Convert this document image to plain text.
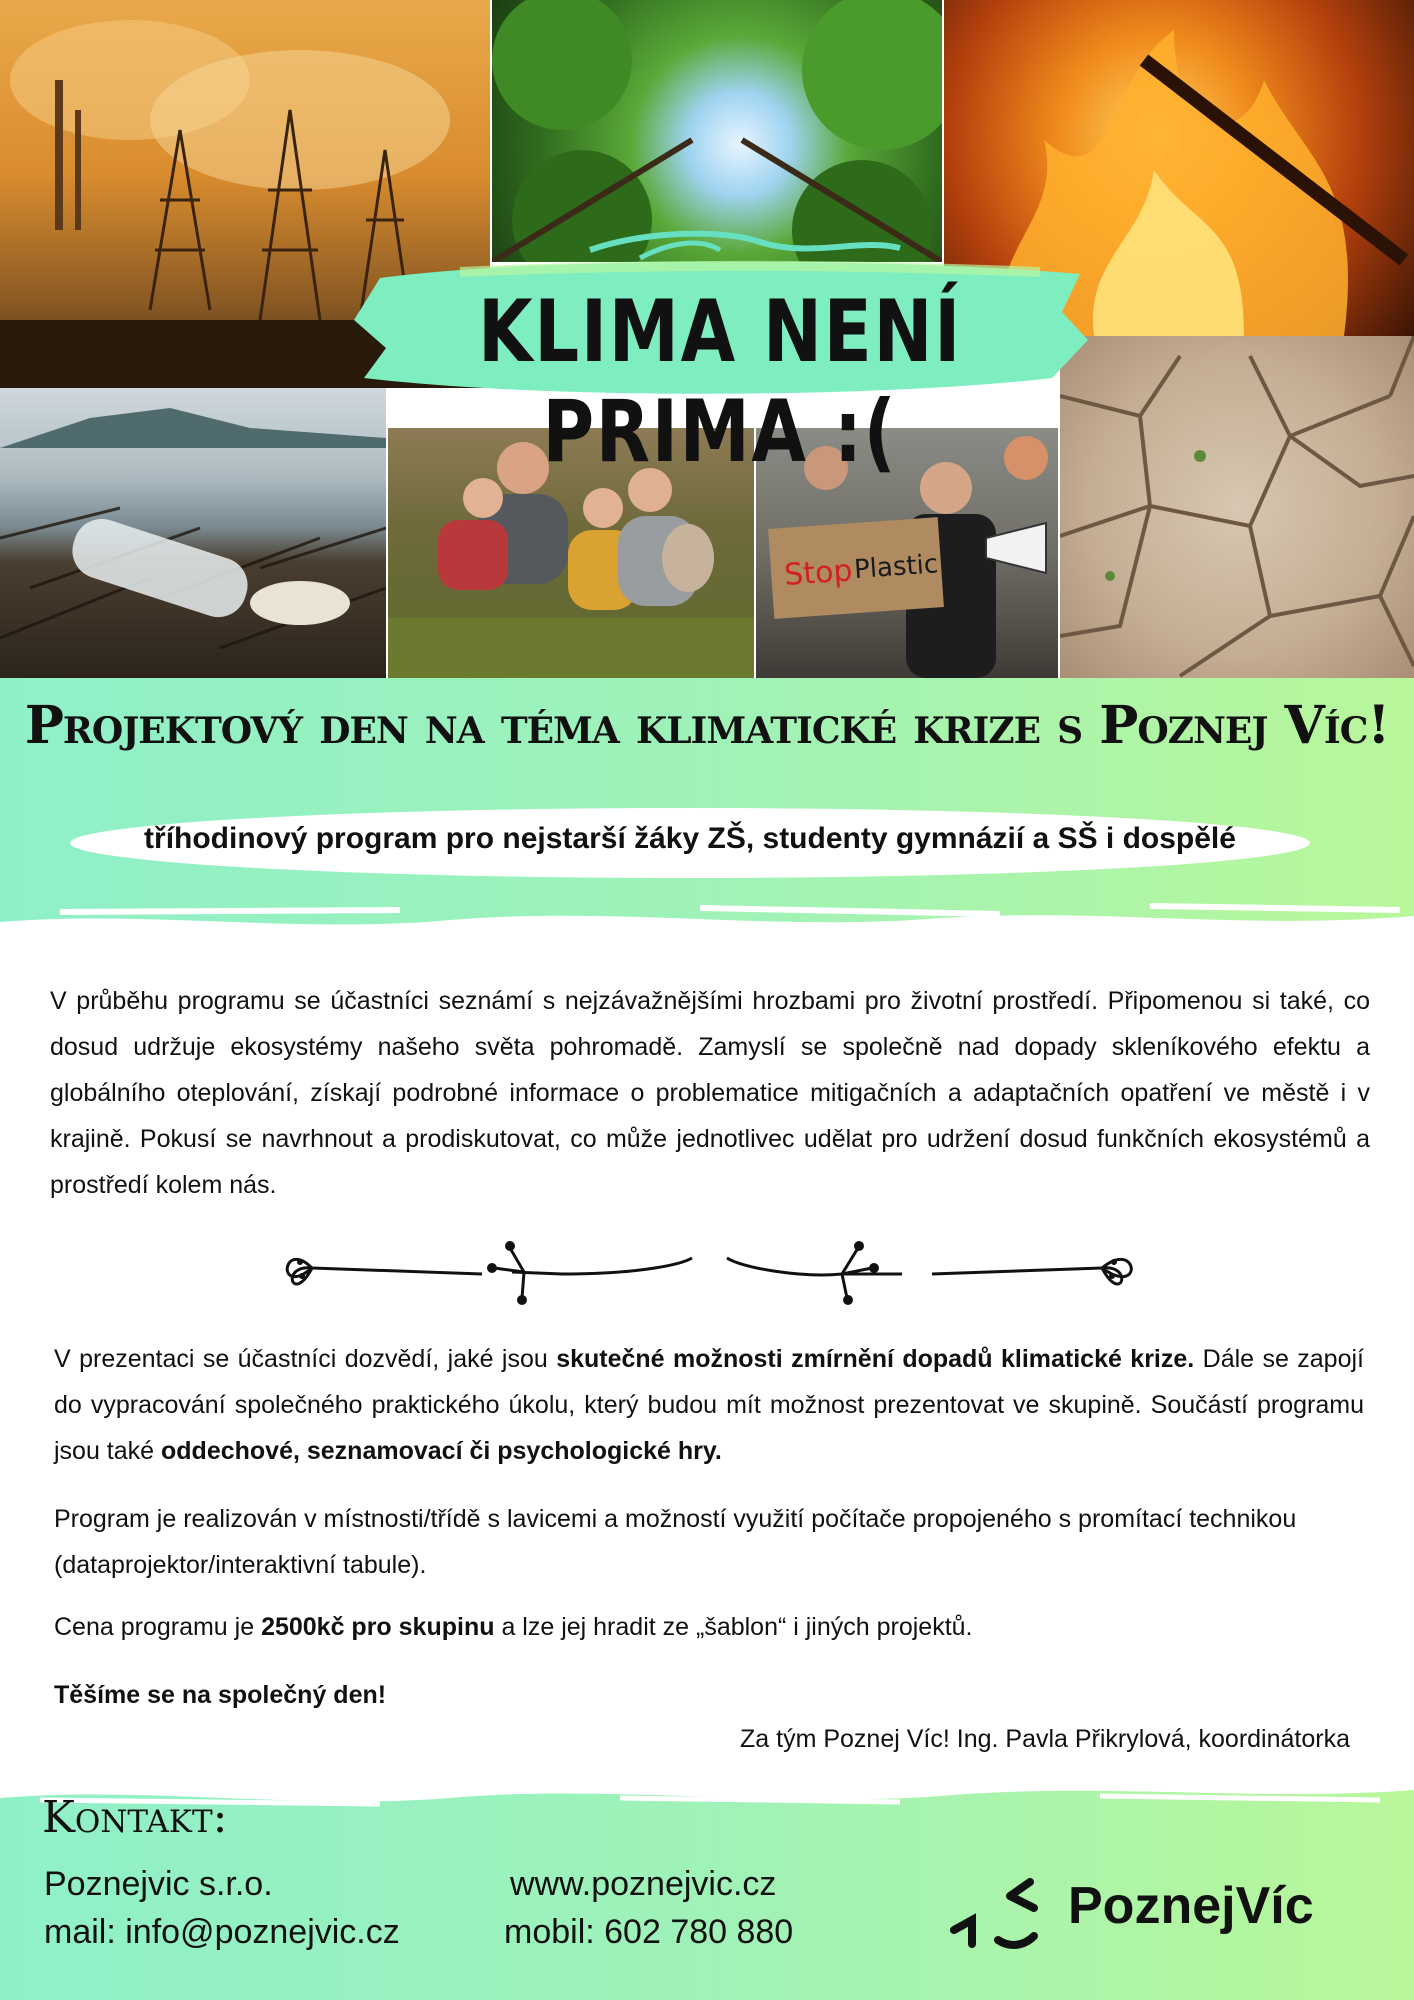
Stop Plastic
KLIMA NENÍ PRIMA :(
Projektový den na téma klimatické krize s Poznej Víc!
tříhodinový program pro nejstarší žáky ZŠ, studenty gymnázií a SŠ i dospělé
V průběhu programu se účastníci seznámí s nejzávažnějšími hrozbami pro životní prostředí. Připomenou si také, co dosud udržuje ekosystémy našeho světa pohromadě. Zamyslí se společně nad dopady skleníkového efektu a globálního oteplování, získají podrobné informace o problematice mitigačních a adaptačních opatření ve městě i v krajině. Pokusí se navrhnout a prodiskutovat, co může jednotlivec udělat pro udržení dosud funkčních ekosystémů a prostředí kolem nás.
V prezentaci se účastníci dozvědí, jaké jsou skutečné možnosti zmírnění dopadů klimatické krize. Dále se zapojí do vypracování společného praktického úkolu, který budou mít možnost prezentovat ve skupině. Součástí programu jsou také oddechové, seznamovací či psychologické hry.
Program je realizován v místnosti/třídě s lavicemi a možností využití počítače propojeného s promítací technikou (dataprojektor/interaktivní tabule).
Cena programu je 2500kč pro skupinu a lze jej hradit ze „šablon“ i jiných projektů.
Těšíme se na společný den!
Za tým Poznej Víc! Ing. Pavla Přikrylová, koordinátorka
Kontakt:
Poznejvic s.r.o.
mail: info@poznejvic.cz
www.poznejvic.cz
mobil: 602 780 880	PoznejVíc
